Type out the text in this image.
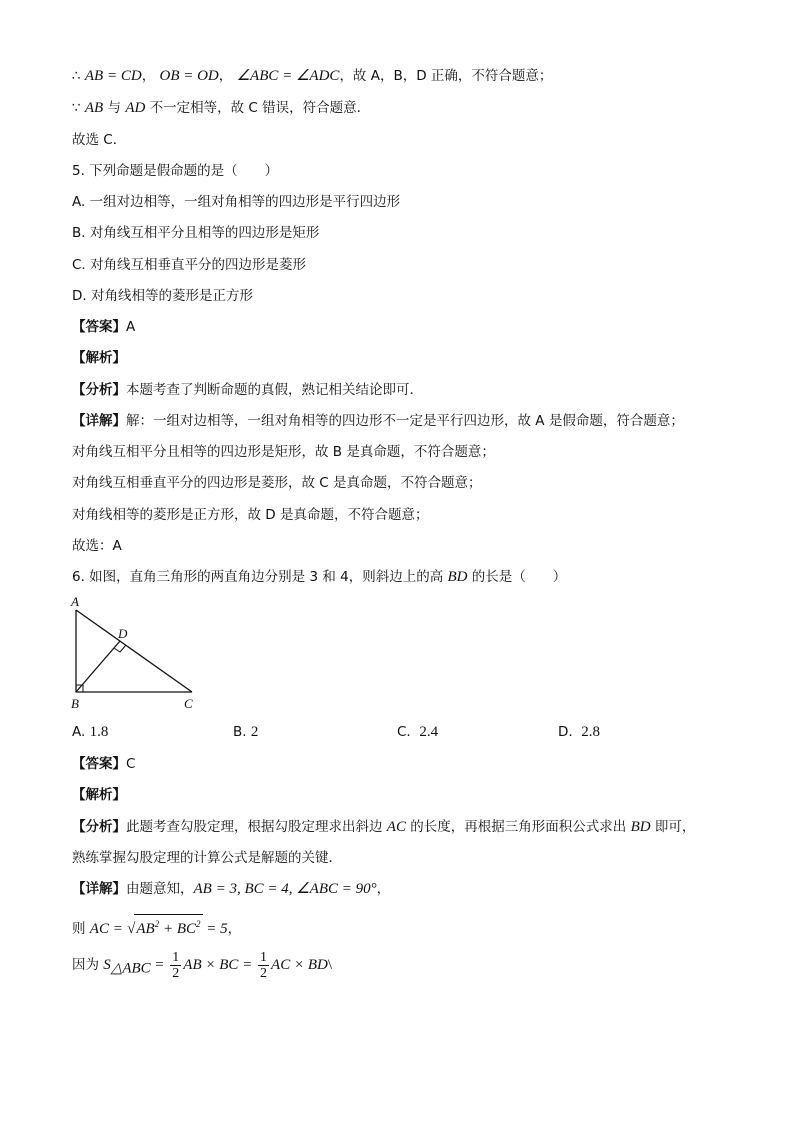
∴ AB = CD， OB = OD， ∠ABC = ∠ADC，故 A，B，D 正确，不符合题意；
∵ AB 与 AD 不一定相等，故 C 错误，符合题意．
故选 C．
5. 下列命题是假命题的是（　　）
A. 一组对边相等，一组对角相等的四边形是平行四边形
B. 对角线互相平分且相等的四边形是矩形
C. 对角线互相垂直平分的四边形是菱形
D. 对角线相等的菱形是正方形
【答案】A
【解析】
【分析】本题考查了判断命题的真假，熟记相关结论即可．
【详解】解：一组对边相等，一组对角相等的四边形不一定是平行四边形，故 A 是假命题，符合题意；
对角线互相平分且相等的四边形是矩形，故 B 是真命题，不符合题意；
对角线互相垂直平分的四边形是菱形，故 C 是真命题，不符合题意；
对角线相等的菱形是正方形，故 D 是真命题，不符合题意；
故选：A
6. 如图，直角三角形的两直角边分别是 3 和 4，则斜边上的高 BD 的长是（　　）
A
D
B	C
A. 1.8	B. 2	C. 2.4	D. 2.8
【答案】C
【解析】
【分析】此题考查勾股定理，根据勾股定理求出斜边 AC 的长度，再根据三角形面积公式求出 BD 即可，
熟练掌握勾股定理的计算公式是解题的关键．
【详解】由题意知，AB = 3, BC = 4, ∠ABC = 90°，
则 AC = $√AB^2 + BC^2 = 5$，
因为 $S_{\triangle ABC} = \frac{1}{2}$ AB × BC = $\frac{1}{2}$ AC × BD\
